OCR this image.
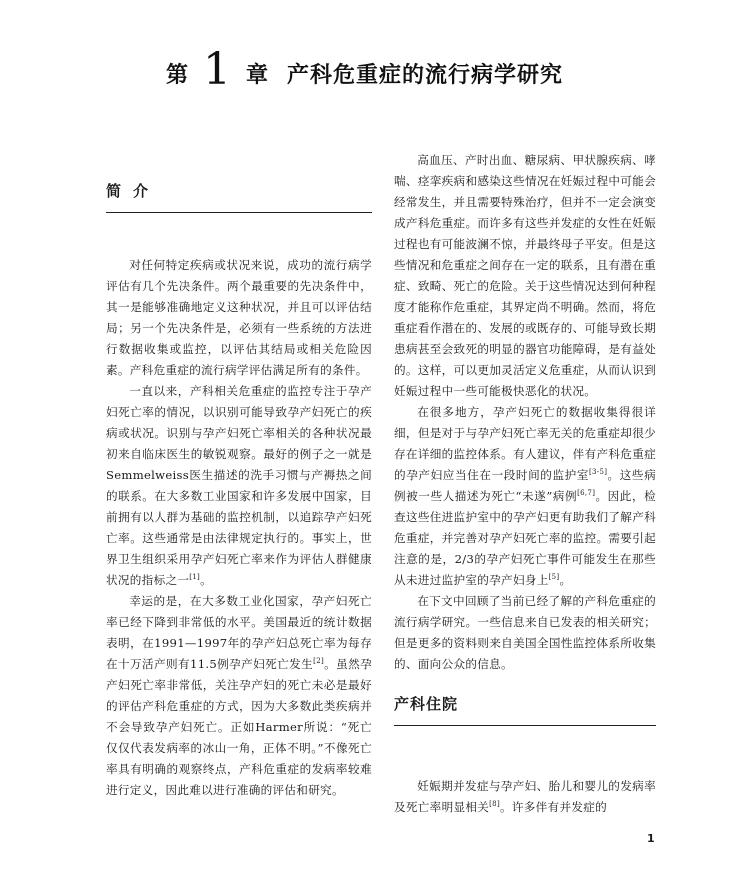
第 1 章 产科危重症的流行病学研究
简介

对任何特定疾病或状况来说，成功的流行病学评估有几个先决条件。两个最重要的先决条件中，其一是能够准确地定义这种状况，并且可以评估结局；另一个先决条件是，必须有一些系统的方法进行数据收集或监控，以评估其结局或相关危险因素。产科危重症的流行病学评估满足所有的条件。

一直以来，产科相关危重症的监控专注于孕产妇死亡率的情况，以识别可能导致孕产妇死亡的疾病或状况。识别与孕产妇死亡率相关的各种状况最初来自临床医生的敏锐观察。最好的例子之一就是Semmelweiss医生描述的洗手习惯与产褥热之间的联系。在大多数工业国家和许多发展中国家，目前拥有以人群为基础的监控机制，以追踪孕产妇死亡率。这些通常是由法律规定执行的。事实上，世界卫生组织采用孕产妇死亡率来作为评估人群健康状况的指标之一[1]。

幸运的是，在大多数工业化国家，孕产妇死亡率已经下降到非常低的水平。美国最近的统计数据表明，在1991—1997年的孕产妇总死亡率为每存在十万活产则有11.5例孕产妇死亡发生[2]。虽然孕产妇死亡率非常低，关注孕产妇的死亡未必是最好的评估产科危重症的方式，因为大多数此类疾病并不会导致孕产妇死亡。正如Harmer所说：“死亡仅仅代表发病率的冰山一角，正体不明。”不像死亡率具有明确的观察终点，产科危重症的发病率较难进行定义，因此难以进行准确的评估和研究。

高血压、产时出血、糖尿病、甲状腺疾病、哮喘、痉挛疾病和感染这些情况在妊娠过程中可能会经常发生，并且需要特殊治疗，但并不一定会演变成产科危重症。而许多有这些并发症的女性在妊娠过程也有可能波澜不惊，并最终母子平安。但是这些情况和危重症之间存在一定的联系，且有潜在重症、致畸、死亡的危险。关于这些情况达到何种程度才能称作危重症，其界定尚不明确。然而，将危重症看作潜在的、发展的或既存的、可能导致长期患病甚至会致死的明显的器官功能障碍，是有益处的。这样，可以更加灵活定义危重症，从而认识到妊娠过程中一些可能极快恶化的状况。

在很多地方，孕产妇死亡的数据收集得很详细，但是对于与孕产妇死亡率无关的危重症却很少存在详细的监控体系。有人建议，伴有产科危重症的孕产妇应当住在一段时间的监护室[3-5]。这些病例被一些人描述为死亡“未遂”病例[6,7]。因此，检查这些住进监护室中的孕产妇更有助我们了解产科危重症，并完善对孕产妇死亡率的监控。需要引起注意的是，2/3的孕产妇死亡事件可能发生在那些从未进过监护室的孕产妇身上[5]。

在下文中回顾了当前已经了解的产科危重症的流行病学研究。一些信息来自已发表的相关研究；但是更多的资料则来自美国全国性监控体系所收集的、面向公众的信息。

产科住院

妊娠期并发症与孕产妇、胎儿和婴儿的发病率及死亡率明显相关[8]。许多伴有并发症的

1
